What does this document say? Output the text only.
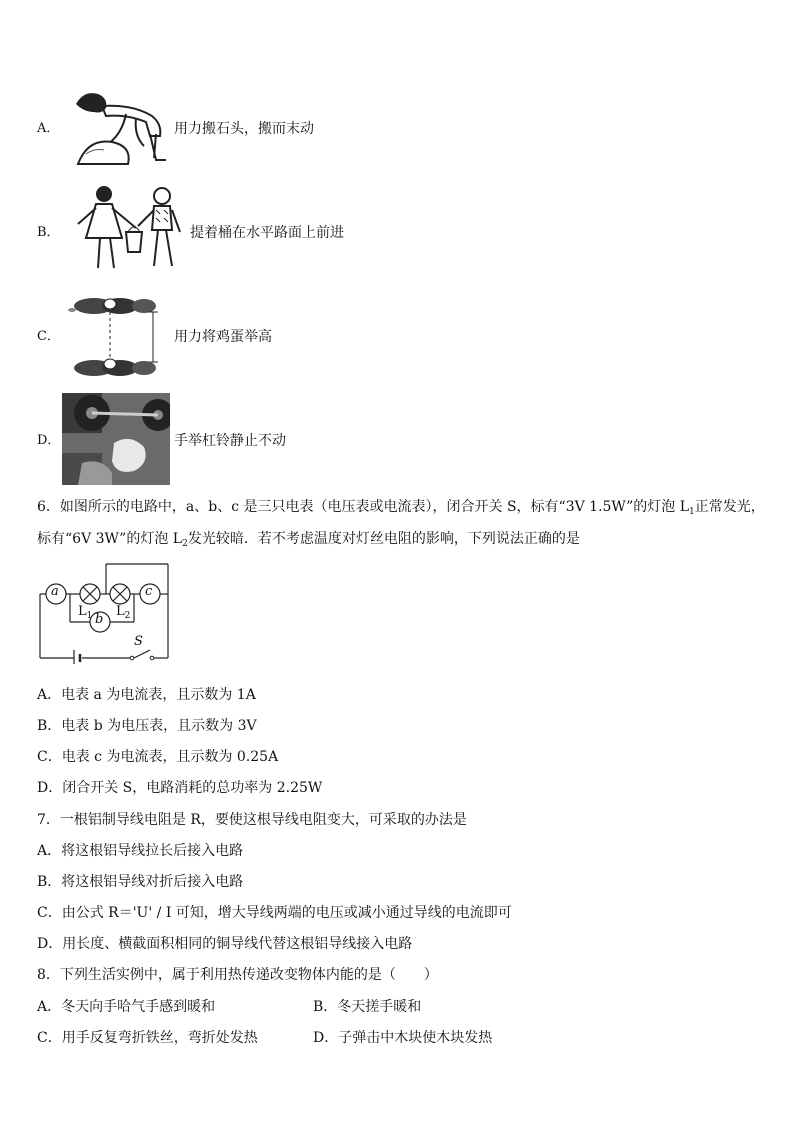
A．	用力搬石头，搬而末动
B．	提着桶在水平路面上前进
C．	用力将鸡蛋举高
D．	手举杠铃静止不动
6．如图所示的电路中，a、b、c 是三只电表（电压表或电流表），闭合开关 S，标有“3V 1.5W”的灯泡 $L_1$正常发光，
标有“6V 3W”的灯泡 $L_2$发光较暗．若不考虑温度对灯丝电阻的影响，下列说法正确的是
a	c
b
$L_1$ $L_2$
S
A．电表 a 为电流表，且示数为 1A
B．电表 b 为电压表，且示数为 3V
C．电表 c 为电流表，且示数为 0.25A
D．闭合开关 S，电路消耗的总功率为 2.25W
7．一根铝制导线电阻是 R，要使这根导线电阻变大，可采取的办法是
A．将这根铝导线拉长后接入电路
B．将这根铝导线对折后接入电路
C．由公式 R＝'U' / I 可知，增大导线两端的电压或减小通过导线的电流即可
D．用长度、横截面积相同的铜导线代替这根铝导线接入电路
8．下列生活实例中，属于利用热传递改变物体内能的是（　　）
A．冬天向手哈气手感到暖和	B．冬天搓手暖和
C．用手反复弯折铁丝，弯折处发热	D．子弹击中木块使木块发热
